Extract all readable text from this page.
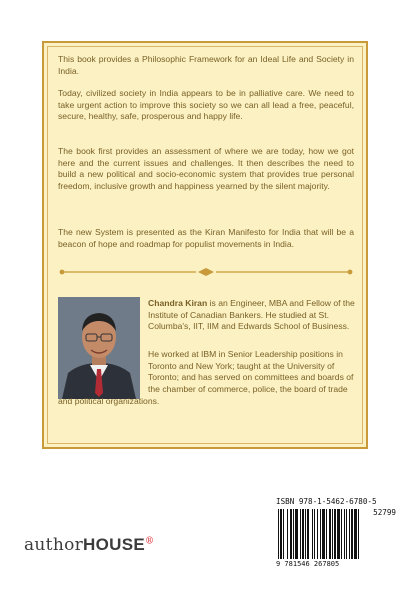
This book provides a Philosophic Framework for an Ideal Life and Society in India.

Today, civilized society in India appears to be in palliative care. We need to take urgent action to improve this society so we can all lead a free, peaceful, secure, healthy, safe, prosperous and happy life.

The book first provides an assessment of where we are today, how we got here and the current issues and challenges. It then describes the need to build a new political and socio-economic system that provides true personal freedom, inclusive growth and happiness yearned by the silent majority.

The new System is presented as the Kiran Manifesto for India that will be a beacon of hope and roadmap for populist movements in India.

Chandra Kiran is an Engineer, MBA and Fellow of the Institute of Canadian Bankers. He studied at St. Columba's, IIT, IIM and Edwards School of Business.

He worked at IBM in Senior Leadership positions in Toronto and New York; taught at the University of Toronto; and has served on committees and boards of the chamber of commerce, police, the board of trade

and political organizations.

authorHOUSE®
ISBN 978-1-5462-6780-5
52799
9 781546 267805
